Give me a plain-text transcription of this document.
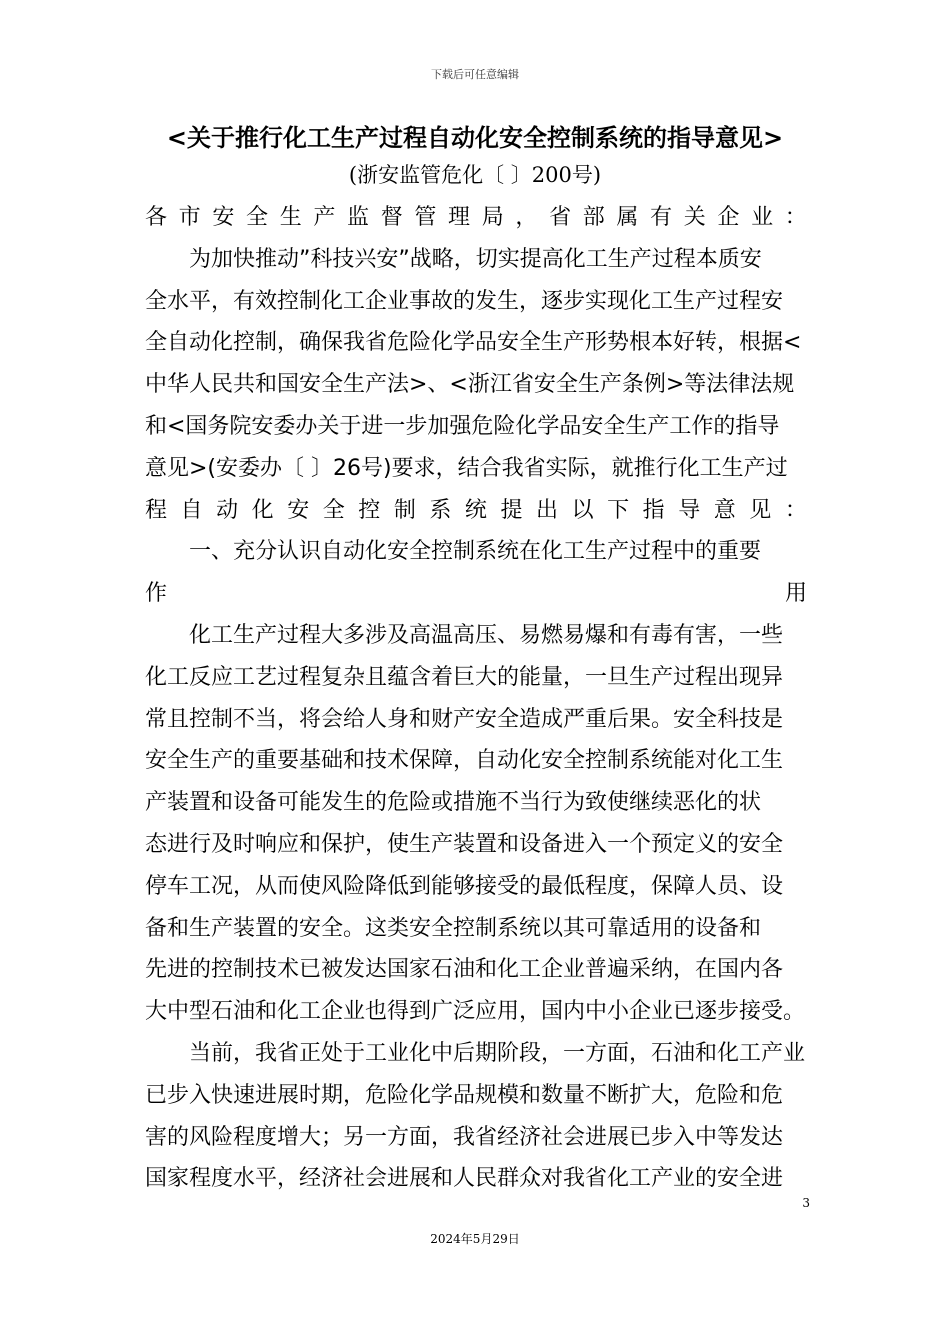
下载后可任意编辑
<关于推行化工生产过程自动化安全控制系统的指导意见>
(浙安监管危化〔 〕200号)
各 市 安 全 生 产 监 督 管 理 局 ， 省 部 属 有 关 企 业 ：
　　为加快推动”科技兴安”战略，切实提高化工生产过程本质安
全水平，有效控制化工企业事故的发生，逐步实现化工生产过程安
全自动化控制，确保我省危险化学品安全生产形势根本好转，根据<
中华人民共和国安全生产法>、<浙江省安全生产条例>等法律法规
和<国务院安委办关于进一步加强危险化学品安全生产工作的指导
意见>(安委办〔 〕26号)要求，结合我省实际，就推行化工生产过
程 自 动 化 安 全 控 制 系 统 提 出 以 下 指 导 意 见 ：
　　一、充分认识自动化安全控制系统在化工生产过程中的重要
作	用
　　化工生产过程大多涉及高温高压、易燃易爆和有毒有害，一些
化工反应工艺过程复杂且蕴含着巨大的能量，一旦生产过程出现异
常且控制不当，将会给人身和财产安全造成严重后果。安全科技是
安全生产的重要基础和技术保障，自动化安全控制系统能对化工生
产装置和设备可能发生的危险或措施不当行为致使继续恶化的状
态进行及时响应和保护，使生产装置和设备进入一个预定义的安全
停车工况，从而使风险降低到能够接受的最低程度，保障人员、设
备和生产装置的安全。这类安全控制系统以其可靠适用的设备和
先进的控制技术已被发达国家石油和化工企业普遍采纳，在国内各
大中型石油和化工企业也得到广泛应用，国内中小企业已逐步接受。
　　当前，我省正处于工业化中后期阶段，一方面，石油和化工产业
已步入快速进展时期，危险化学品规模和数量不断扩大，危险和危
害的风险程度增大；另一方面，我省经济社会进展已步入中等发达
国家程度水平，经济社会进展和人民群众对我省化工产业的安全进
3
2024年5月29日
